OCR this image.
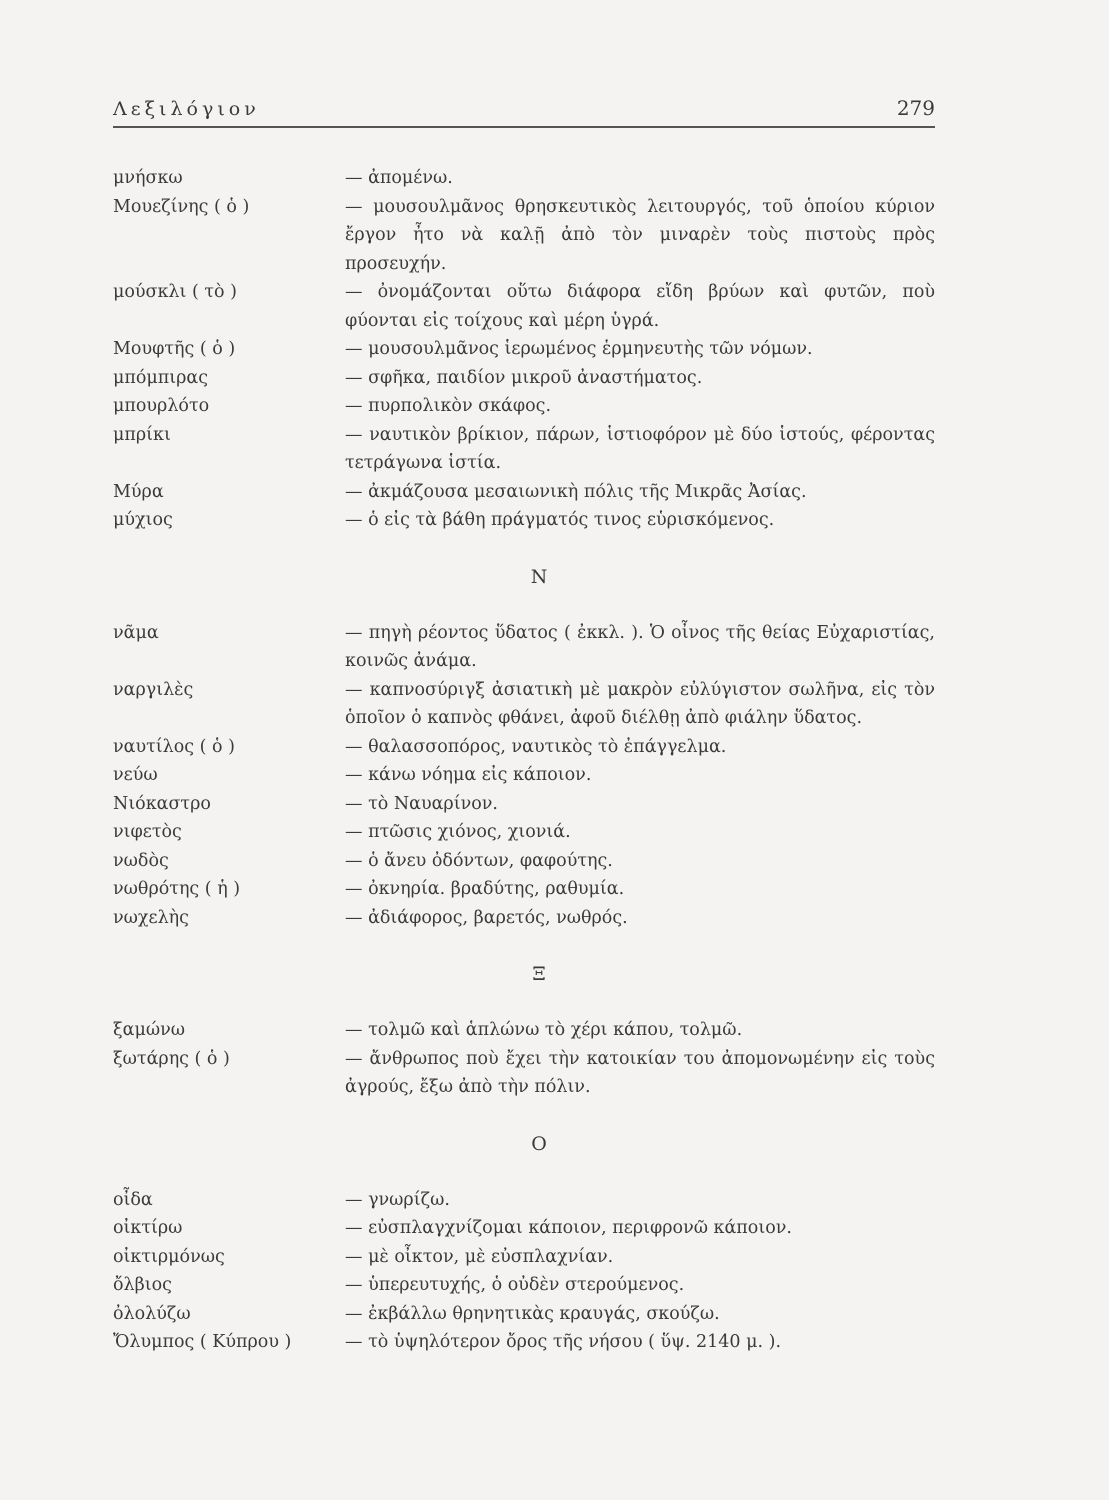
Λεξιλόγιον	279
μνήσκω	— ἀπομένω.
Μουεζίνης ( ὁ )	— μουσουλμᾶνος θρησκευτικὸς λειτουργός, τοῦ ὁποίου κύριον ἔργον ἦτο νὰ καλῇ ἀπὸ τὸν μιναρὲν τοὺς πιστοὺς πρὸς προσευχήν.
μούσκλι ( τὸ )	— ὀνομάζονται οὕτω διάφορα εἴδη βρύων καὶ φυτῶν, ποὺ φύονται εἰς τοίχους καὶ μέρη ὑγρά.
Μουφτῆς ( ὁ )	— μουσουλμᾶνος ἱερωμένος ἑρμηνευτὴς τῶν νόμων.
μπόμπιρας	— σφῆκα, παιδίον μικροῦ ἀναστήματος.
μπουρλότο	— πυρπολικὸν σκάφος.
μπρίκι	— ναυτικὸν βρίκιον, πάρων, ἱστιοφόρον μὲ δύο ἱστούς, φέροντας τετράγωνα ἱστία.
Μύρα	— ἀκμάζουσα μεσαιωνικὴ πόλις τῆς Μικρᾶς Ἀσίας.
μύχιος	— ὁ εἰς τὰ βάθη πράγματός τινος εὑρισκόμενος.
Ν
νᾶμα	— πηγὴ ρέοντος ὕδατος ( ἐκκλ. ). Ὁ οἶνος τῆς θείας Εὐχαριστίας, κοινῶς ἀνάμα.
ναργιλὲς	— καπνοσύριγξ ἀσιατικὴ μὲ μακρὸν εὐλύγιστον σωλῆνα, εἰς τὸν ὁποῖον ὁ καπνὸς φθάνει, ἀφοῦ διέλθῃ ἀπὸ φιάλην ὕδατος.
ναυτίλος ( ὁ )	— θαλασσοπόρος, ναυτικὸς τὸ ἐπάγγελμα.
νεύω	— κάνω νόημα εἰς κάποιον.
Νιόκαστρο	— τὸ Ναυαρίνον.
νιφετὸς	— πτῶσις χιόνος, χιονιά.
νωδὸς	— ὁ ἄνευ ὀδόντων, φαφούτης.
νωθρότης ( ἡ )	— ὀκνηρία. βραδύτης, ραθυμία.
νωχελὴς	— ἀδιάφορος, βαρετός, νωθρός.
Ξ
ξαμώνω	— τολμῶ καὶ ἁπλώνω τὸ χέρι κάπου, τολμῶ.
ξωτάρης ( ὁ )	— ἄνθρωπος ποὺ ἔχει τὴν κατοικίαν του ἀπομονωμένην εἰς τοὺς ἀγρούς, ἔξω ἀπὸ τὴν πόλιν.
Ο
οἶδα	— γνωρίζω.
οἰκτίρω	— εὐσπλαγχνίζομαι κάποιον, περιφρονῶ κάποιον.
οἰκτιρμόνως	— μὲ οἶκτον, μὲ εὐσπλαχνίαν.
ὄλβιος	— ὑπερευτυχής, ὁ οὐδὲν στερούμενος.
ὀλολύζω	— ἐκβάλλω θρηνητικὰς κραυγάς, σκούζω.
Ὄλυμπος ( Κύπρου )	— τὸ ὑψηλότερον ὄρος τῆς νήσου ( ὕψ. 2140 μ. ).
